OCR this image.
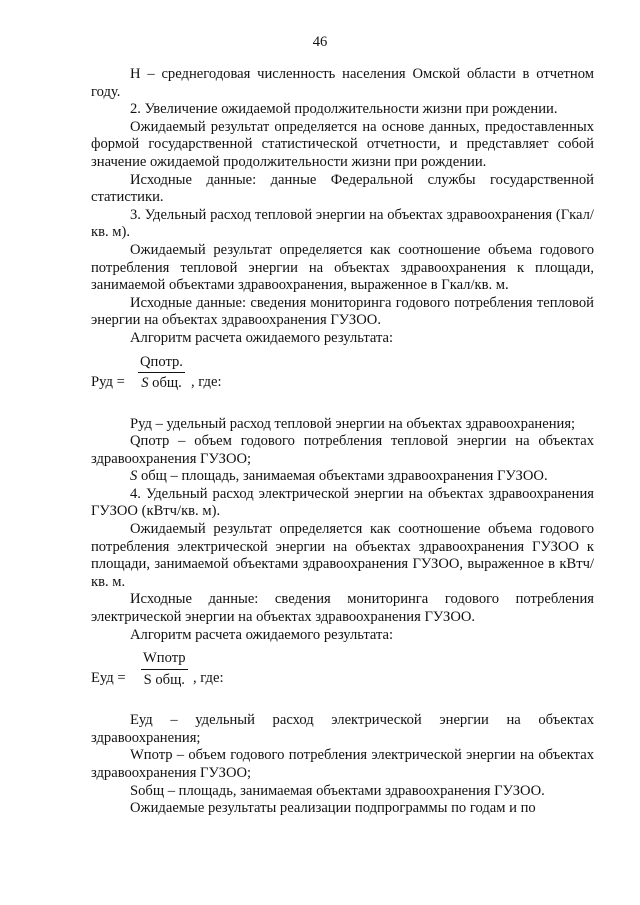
46

Н – среднегодовая численность населения Омской области в отчетном году.

2. Увеличение ожидаемой продолжительности жизни при рождении.

Ожидаемый результат определяется на основе данных, предоставленных формой государственной статистической отчетности, и представляет собой значение ожидаемой продолжительности жизни при рождении.

Исходные данные: данные Федеральной службы государственной статистики.

3. Удельный расход тепловой энергии на объектах здравоохранения (Гкал/кв. м).

Ожидаемый результат определяется как соотношение объема годового потребления тепловой энергии на объектах здравоохранения к площади, занимаемой объектами здравоохранения, выраженное в Гкал/кв. м.

Исходные данные: сведения мониторинга годового потребления тепловой энергии на объектах здравоохранения ГУЗОО.

Алгоритм расчета ожидаемого результата:

Руд =
Qпотр.
S общ. , где:

Руд – удельный расход тепловой энергии на объектах здравоохранения;

Qпотр – объем годового потребления тепловой энергии на объектах здравоохранения ГУЗОО;

S общ – площадь, занимаемая объектами здравоохранения ГУЗОО.

4. Удельный расход электрической энергии на объектах здравоохранения ГУЗОО (кВтч/кв. м).

Ожидаемый результат определяется как соотношение объема годового потребления электрической энергии на объектах здравоохранения ГУЗОО к площади, занимаемой объектами здравоохранения ГУЗОО, выраженное в кВтч/кв. м.

Исходные данные: сведения мониторинга годового потребления электрической энергии на объектах здравоохранения ГУЗОО.

Алгоритм расчета ожидаемого результата:

Еуд =
Wпотр
S общ. , где:

Еуд – удельный расход электрической энергии на объектах здравоохранения;

Wпотр – объем годового потребления электрической энергии на объектах здравоохранения ГУЗОО;

Sобщ – площадь, занимаемая объектами здравоохранения ГУЗОО.

Ожидаемые результаты реализации подпрограммы по годам и по
